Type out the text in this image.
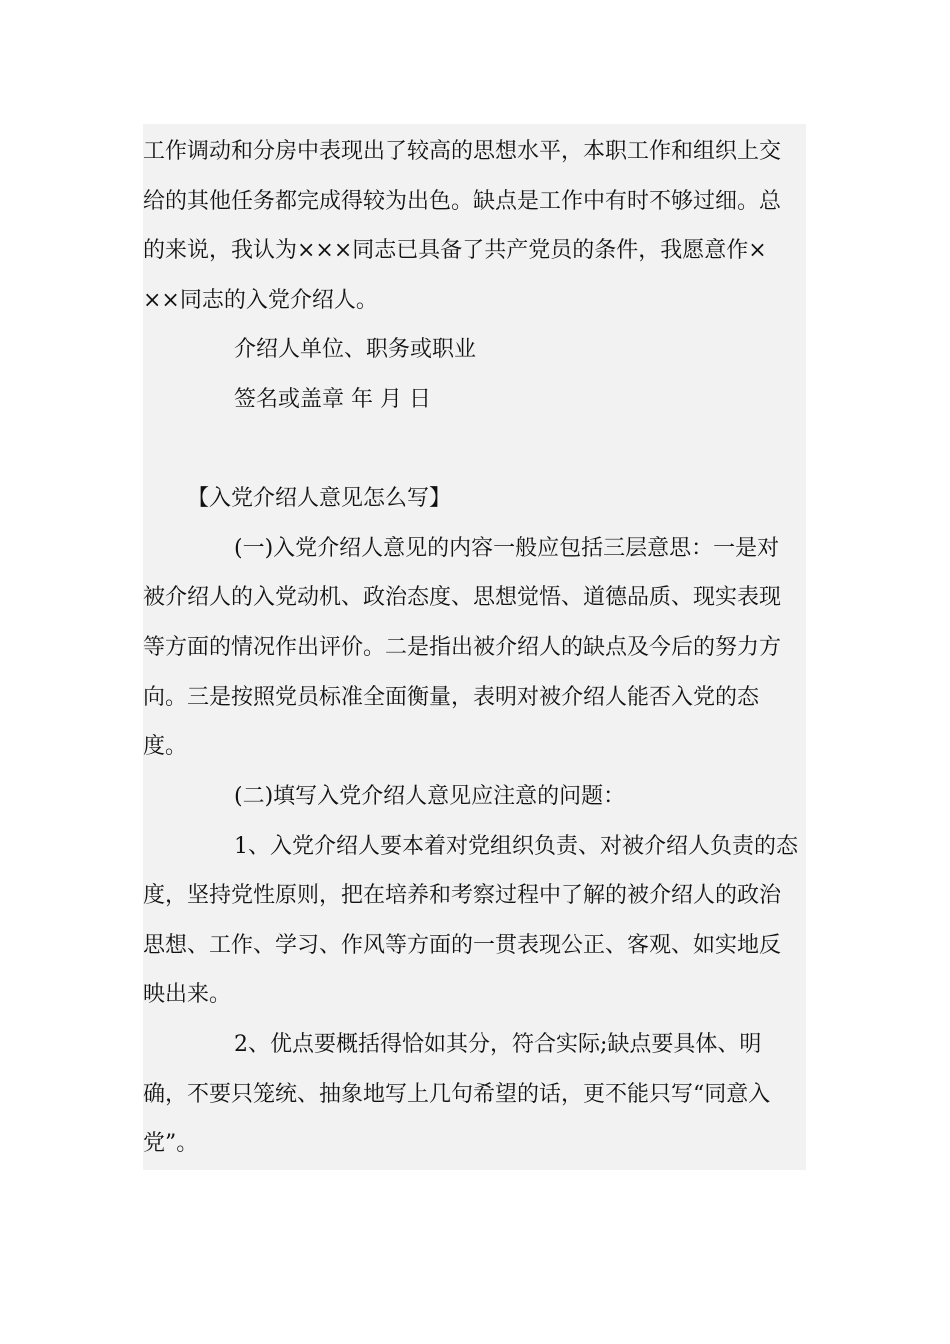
工作调动和分房中表现出了较高的思想水平，本职工作和组织上交
给的其他任务都完成得较为出色。缺点是工作中有时不够过细。总
的来说，我认为×××同志已具备了共产党员的条件，我愿意作×
××同志的入党介绍人。
介绍人单位、职务或职业
签名或盖章 年 月 日
【入党介绍人意见怎么写】
(一)入党介绍人意见的内容一般应包括三层意思：一是对
被介绍人的入党动机、政治态度、思想觉悟、道德品质、现实表现
等方面的情况作出评价。二是指出被介绍人的缺点及今后的努力方
向。三是按照党员标准全面衡量，表明对被介绍人能否入党的态
度。
(二)填写入党介绍人意见应注意的问题：
1、入党介绍人要本着对党组织负责、对被介绍人负责的态
度，坚持党性原则，把在培养和考察过程中了解的被介绍人的政治
思想、工作、学习、作风等方面的一贯表现公正、客观、如实地反
映出来。
2、优点要概括得恰如其分，符合实际;缺点要具体、明
确，不要只笼统、抽象地写上几句希望的话，更不能只写“同意入
党”。
